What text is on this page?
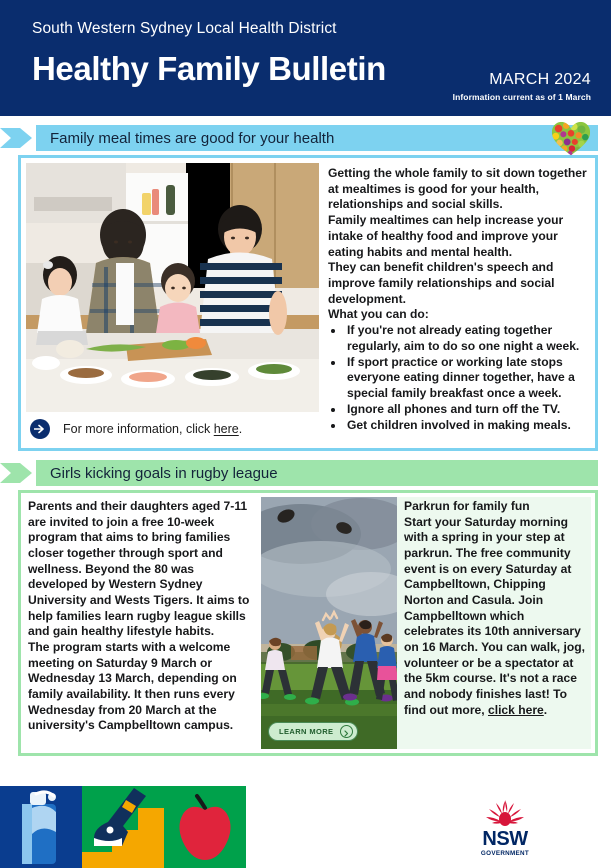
South Western Sydney Local Health District
Healthy Family Bulletin	MARCH 2024
Information current as of 1 March
Family meal times are good for your health
For more information, click here.

Getting the whole family to sit down together at mealtimes is good for your health, relationships and social skills.

Family mealtimes can help increase your intake of healthy food and improve your eating habits and mental health.

They can benefit children's speech and improve family relationships and social development.

What you can do:

• If you're not already eating together regularly, aim to do so one night a week.
• If sport practice or working late stops everyone eating dinner together, have a special family breakfast once a week.
• Ignore all phones and turn off the TV.
• Get children involved in making meals.
Girls kicking goals in rugby league

Parents and their daughters aged 7-11 are invited to join a free 10-week program that aims to bring families closer together through sport and wellness. Beyond the 80 was developed by Western Sydney University and Wests Tigers. It aims to help families learn rugby league skills and gain healthy lifestyle habits.

The program starts with a welcome meeting on Saturday 9 March or Wednesday 13 March, depending on family availability. It then runs every Wednesday from 20 March at the university's Campbelltown campus.

Parkrun for family fun

Start your Saturday morning with a spring in your step at parkrun. The free community event is on every Saturday at Campbelltown, Chipping Norton and Casula. Join Campbelltown which celebrates its 10th anniversary on 16 March. You can walk, jog, volunteer or be a spectator at the 5km course. It's not a race and nobody finishes last! To find out more, click here.

LEARN MORE
NSW
GOVERNMENT
